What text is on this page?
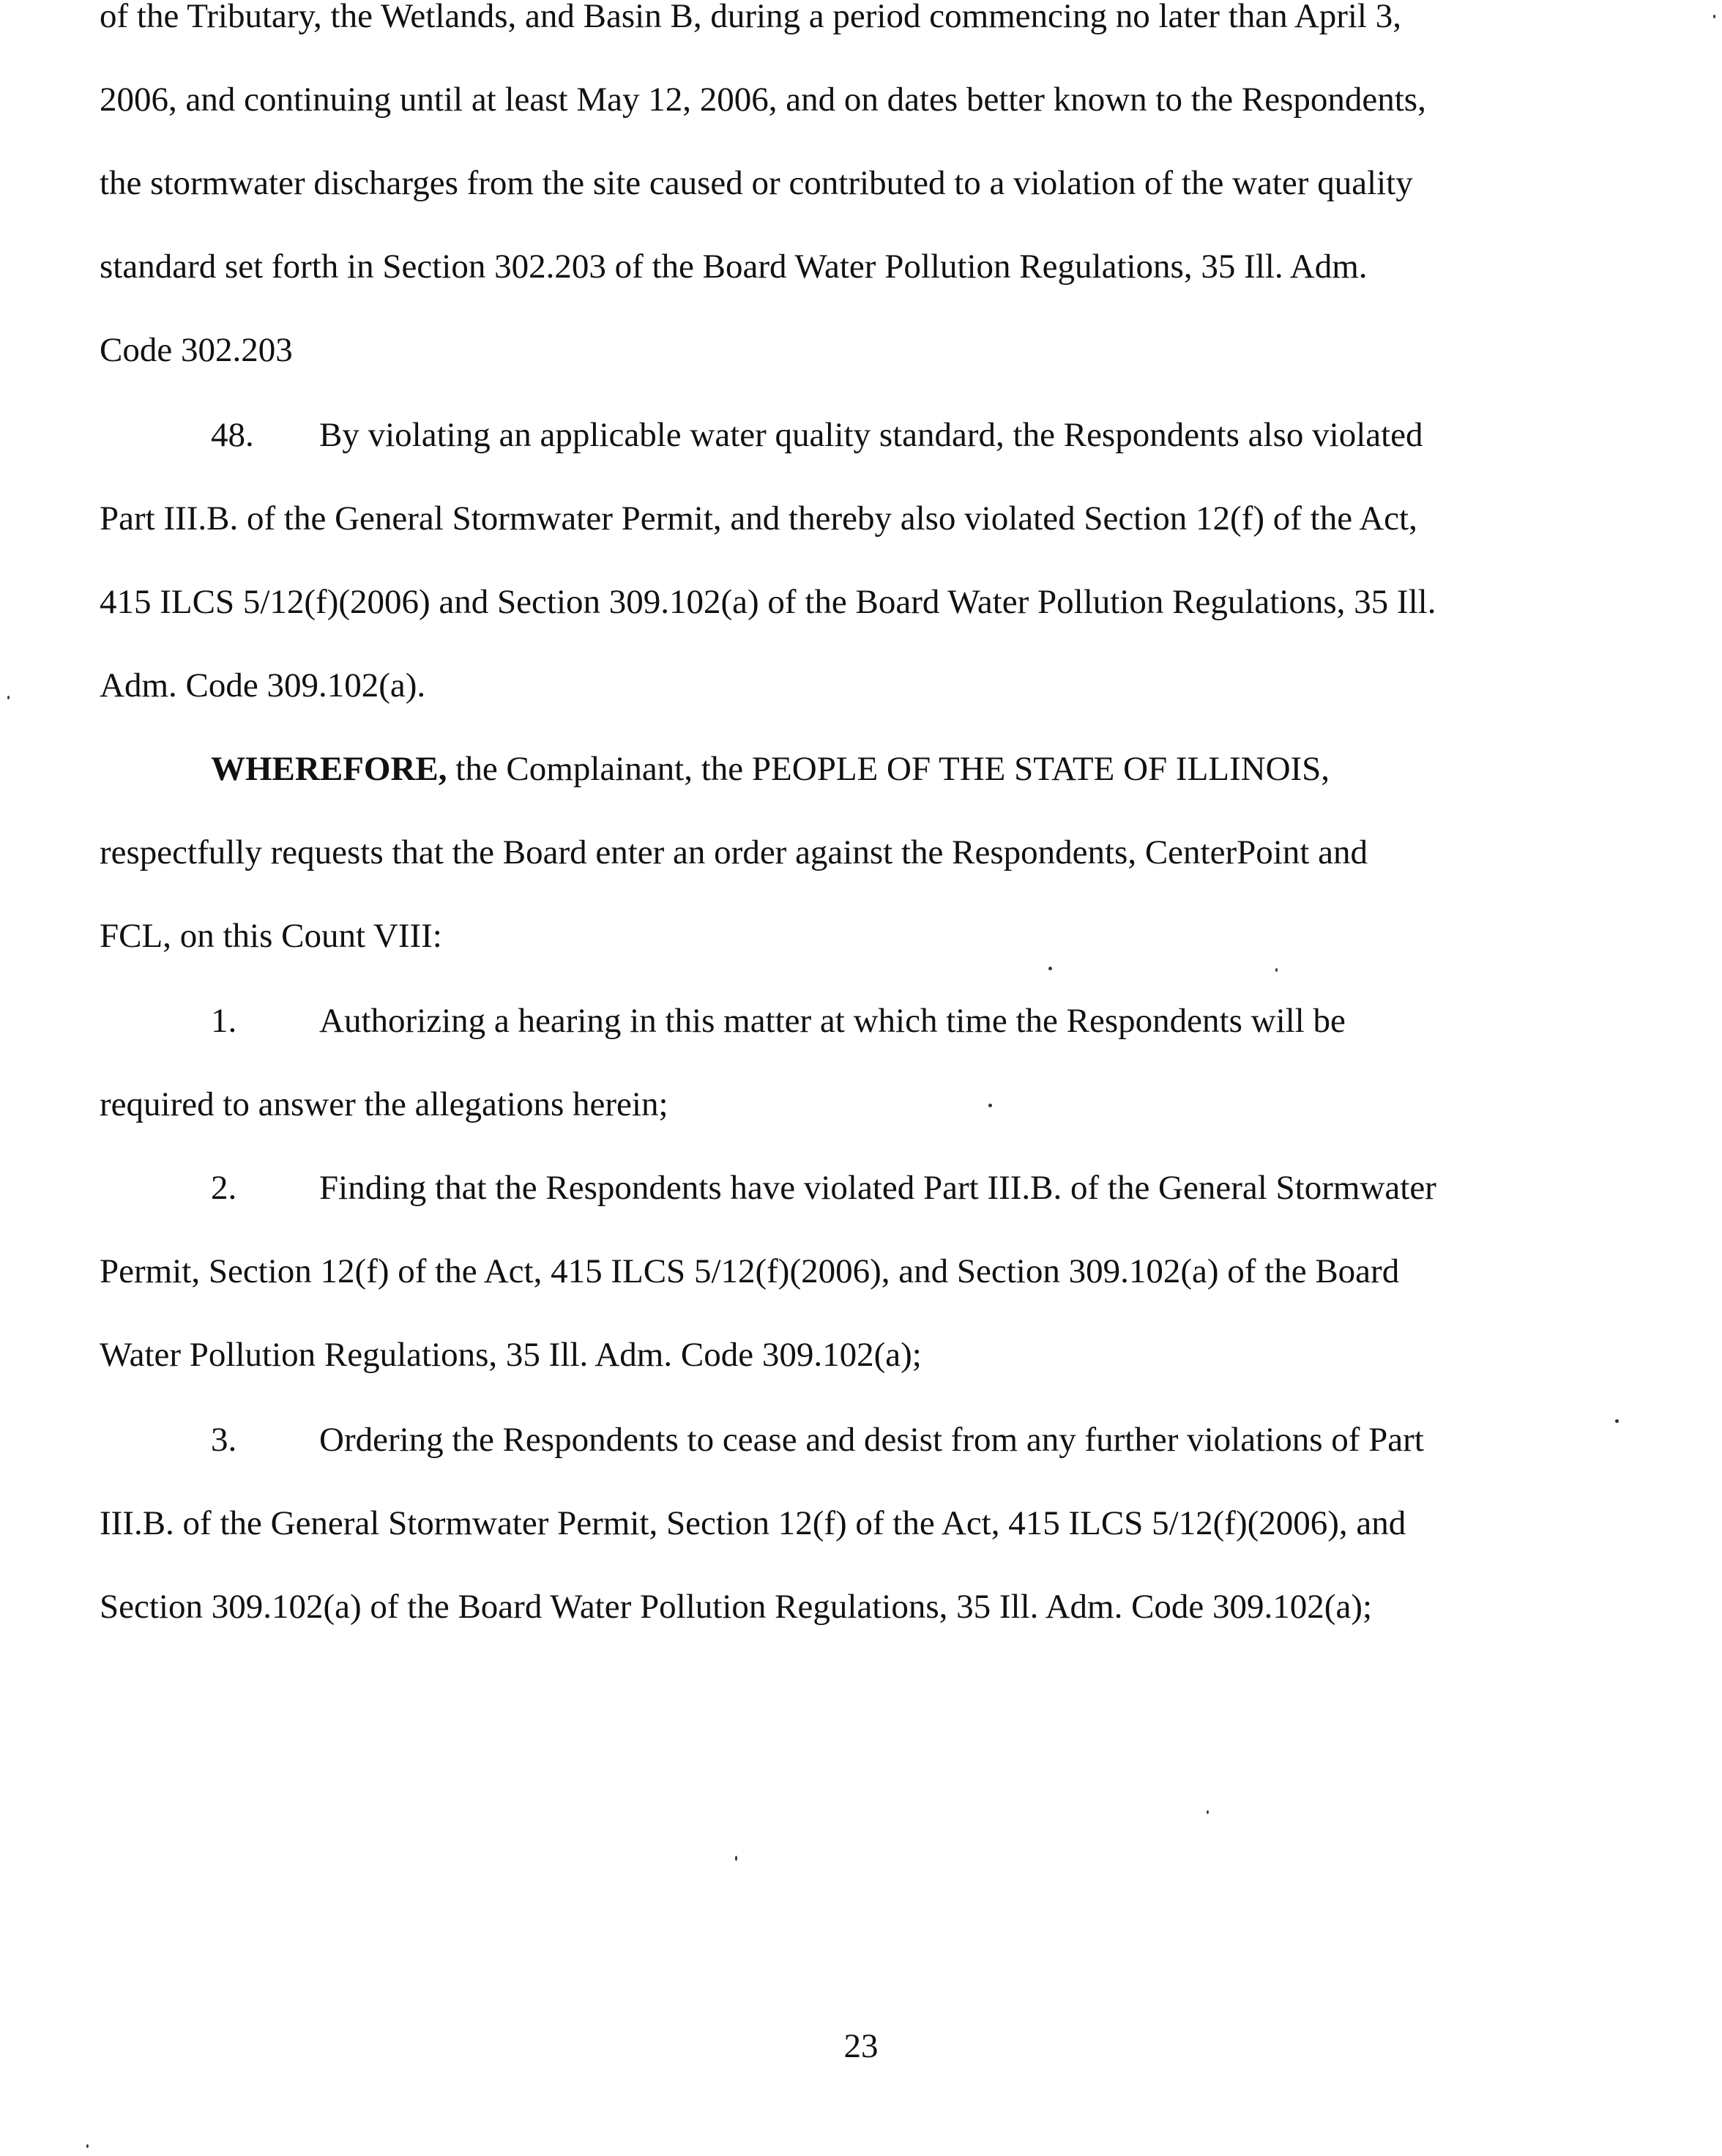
of the Tributary, the Wetlands, and Basin B, during a period commencing no later than April 3,
2006, and continuing until at least May 12, 2006, and on dates better known to the Respondents,
the stormwater discharges from the site caused or contributed to a violation of the water quality
standard set forth in Section 302.203 of the Board Water Pollution Regulations, 35 Ill. Adm.
Code 302.203
48. By violating an applicable water quality standard, the Respondents also violated
Part III.B. of the General Stormwater Permit, and thereby also violated Section 12(f) of the Act,
415 ILCS 5/12(f)(2006) and Section 309.102(a) of the Board Water Pollution Regulations, 35 Ill.
Adm. Code 309.102(a).
WHEREFORE, the Complainant, the PEOPLE OF THE STATE OF ILLINOIS,
respectfully requests that the Board enter an order against the Respondents, CenterPoint and
FCL, on this Count VIII:
1. Authorizing a hearing in this matter at which time the Respondents will be
required to answer the allegations herein;
2. Finding that the Respondents have violated Part III.B. of the General Stormwater
Permit, Section 12(f) of the Act, 415 ILCS 5/12(f)(2006), and Section 309.102(a) of the Board
Water Pollution Regulations, 35 Ill. Adm. Code 309.102(a);
3. Ordering the Respondents to cease and desist from any further violations of Part
III.B. of the General Stormwater Permit, Section 12(f) of the Act, 415 ILCS 5/12(f)(2006), and
Section 309.102(a) of the Board Water Pollution Regulations, 35 Ill. Adm. Code 309.102(a);
23
